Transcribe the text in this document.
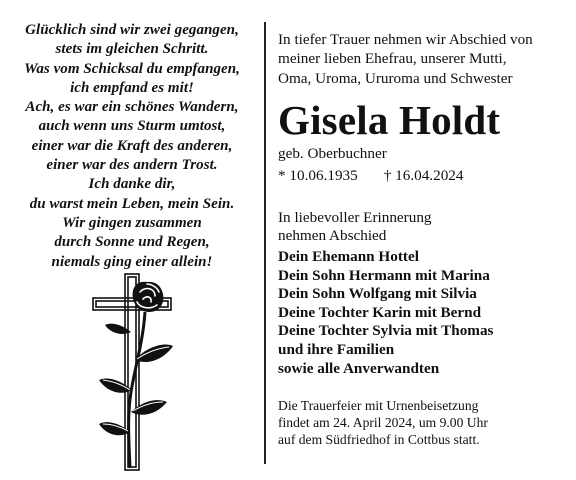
Glücklich sind wir zwei gegangen,
stets im gleichen Schritt.
Was vom Schicksal du empfangen,
ich empfand es mit!
Ach, es war ein schönes Wandern,
auch wenn uns Sturm umtost,
einer war die Kraft des anderen,
einer war des andern Trost.
Ich danke dir,
du warst mein Leben, mein Sein.
Wir gingen zusammen
durch Sonne und Regen,
niemals ging einer allein!
In tiefer Trauer nehmen wir Abschied von
meiner lieben Ehefrau, unserer Mutti,
Oma, Uroma, Ururoma und Schwester
Gisela Holdt
geb. Oberbuchner
* 10.06.1935 † 16.04.2024
In liebevoller Erinnerung
nehmen Abschied
Dein Ehemann Hottel
Dein Sohn Hermann mit Marina
Dein Sohn Wolfgang mit Silvia
Deine Tochter Karin mit Bernd
Deine Tochter Sylvia mit Thomas
und ihre Familien
sowie alle Anverwandten
Die Trauerfeier mit Urnenbeisetzung
findet am 24. April 2024, um 9.00 Uhr
auf dem Südfriedhof in Cottbus statt.
